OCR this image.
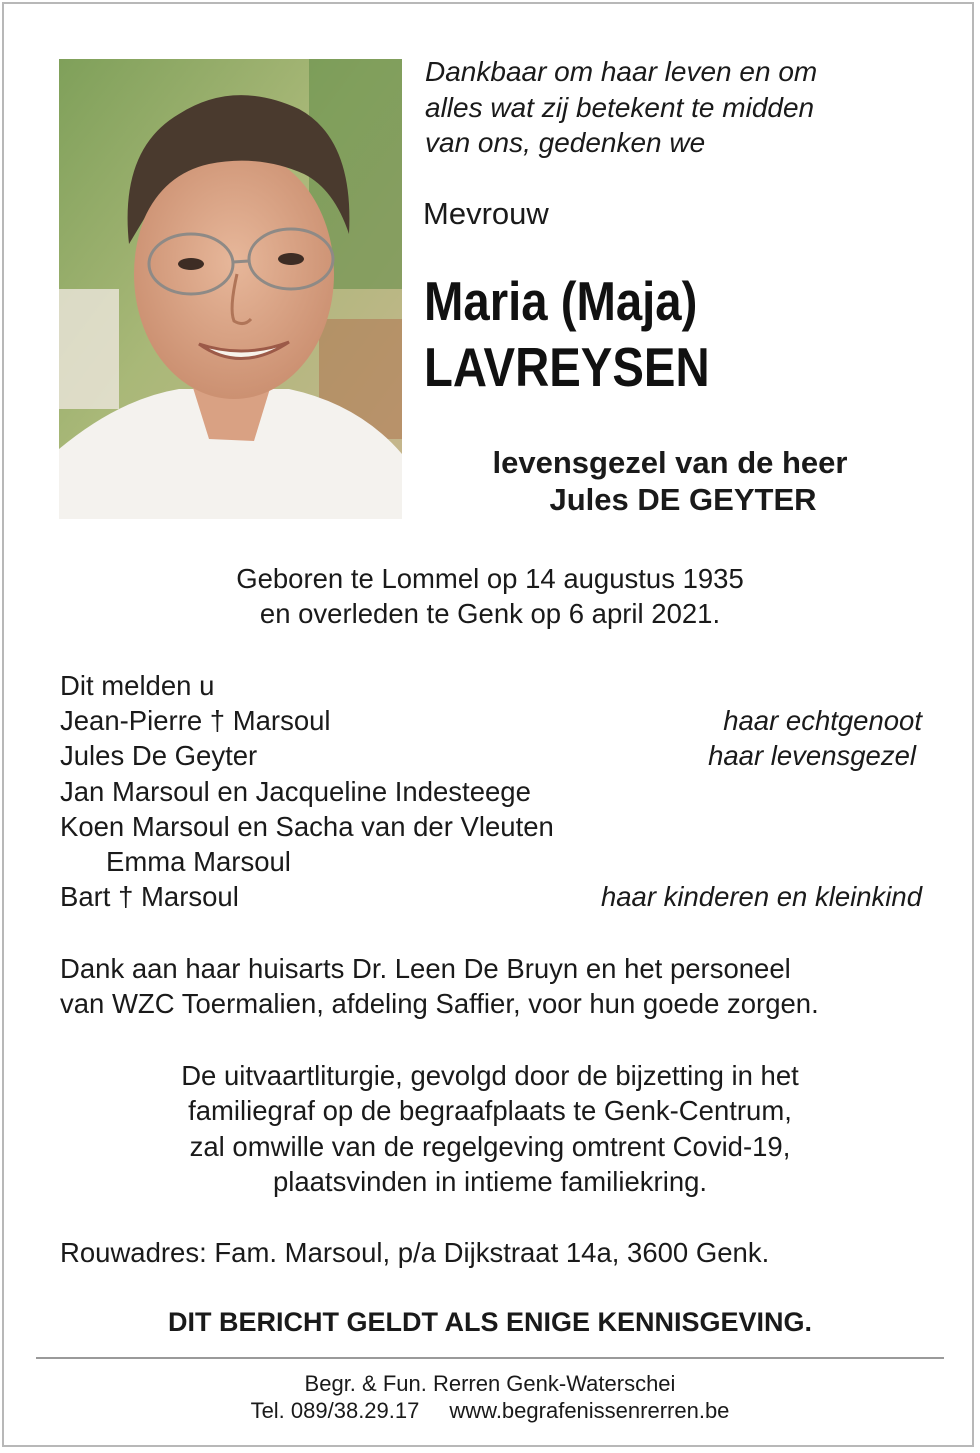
Dankbaar om haar leven en om
alles wat zij betekent te midden
van ons, gedenken we
Mevrouw
Maria (Maja)
LAVREYSEN
levensgezel van de heer
Jules DE GEYTER
Geboren te Lommel op 14 augustus 1935
en overleden te Genk op 6 april 2021.
Dit melden u
Jean-Pierre † Marsoul	haar echtgenoot
Jules De Geyter	haar levensgezel
Jan Marsoul en Jacqueline Indesteege
Koen Marsoul en Sacha van der Vleuten
Emma Marsoul
Bart † Marsoul	haar kinderen en kleinkind
Dank aan haar huisarts Dr. Leen De Bruyn en het personeel
van WZC Toermalien, afdeling Saffier, voor hun goede zorgen.
De uitvaartliturgie, gevolgd door de bijzetting in het
familiegraf op de begraafplaats te Genk-Centrum,
zal omwille van de regelgeving omtrent Covid-19,
plaatsvinden in intieme familiekring.
Rouwadres: Fam. Marsoul, p/a Dijkstraat 14a, 3600 Genk.
DIT BERICHT GELDT ALS ENIGE KENNISGEVING.
Begr. & Fun. Rerren Genk-Waterschei
Tel. 089/38.29.17 www.begrafenissenrerren.be
